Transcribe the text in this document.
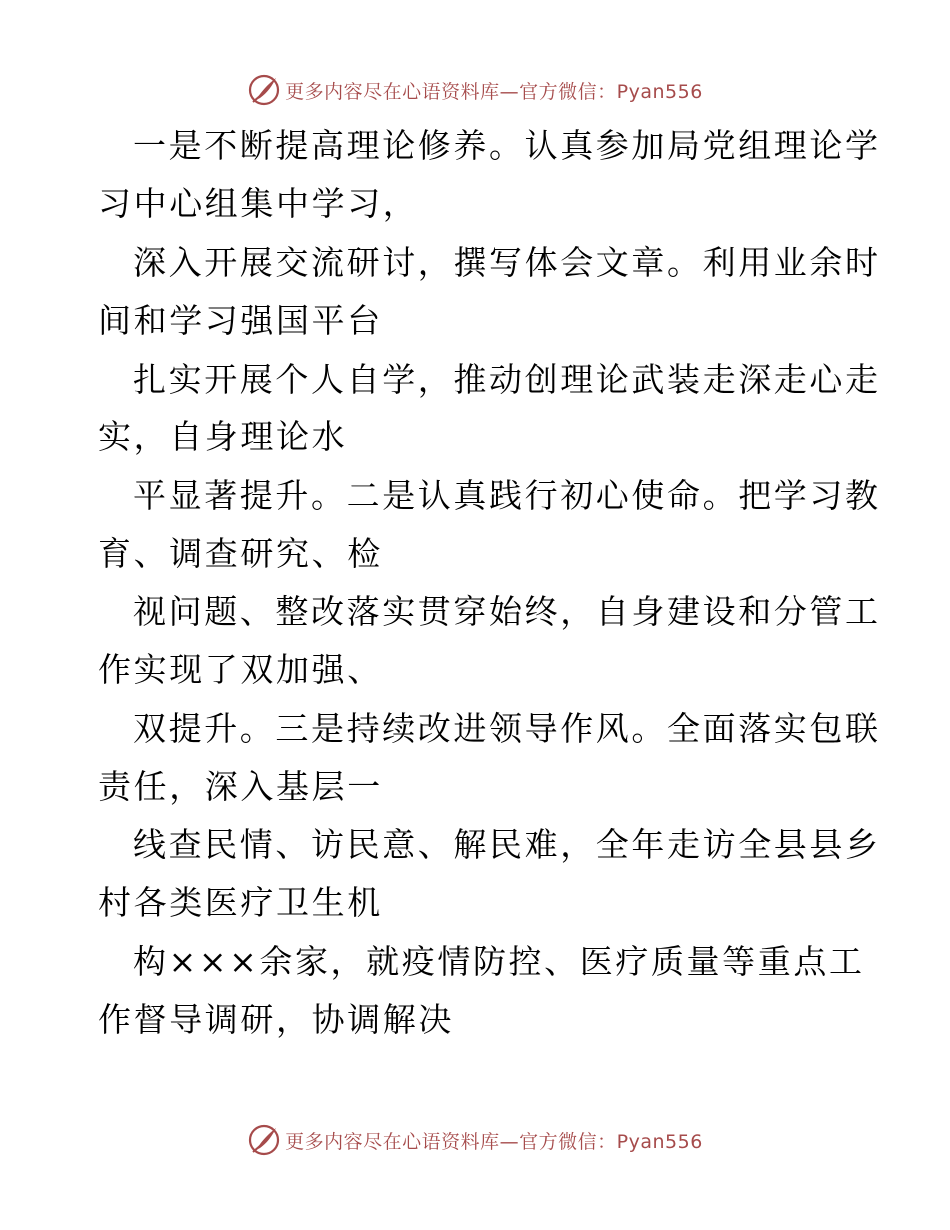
更多内容尽在心语资料库—官方微信：Pyan556
一是不断提高理论修养。认真参加局党组理论学
习中心组集中学习，
深入开展交流研讨，撰写体会文章。利用业余时
间和学习强国平台
扎实开展个人自学，推动创理论武装走深走心走
实，自身理论水
平显著提升。二是认真践行初心使命。把学习教
育、调查研究、检
视问题、整改落实贯穿始终，自身建设和分管工
作实现了双加强、
双提升。三是持续改进领导作风。全面落实包联
责任，深入基层一
线查民情、访民意、解民难，全年走访全县县乡
村各类医疗卫生机
构×××余家，就疫情防控、医疗质量等重点工
作督导调研，协调解决
更多内容尽在心语资料库—官方微信：Pyan556
